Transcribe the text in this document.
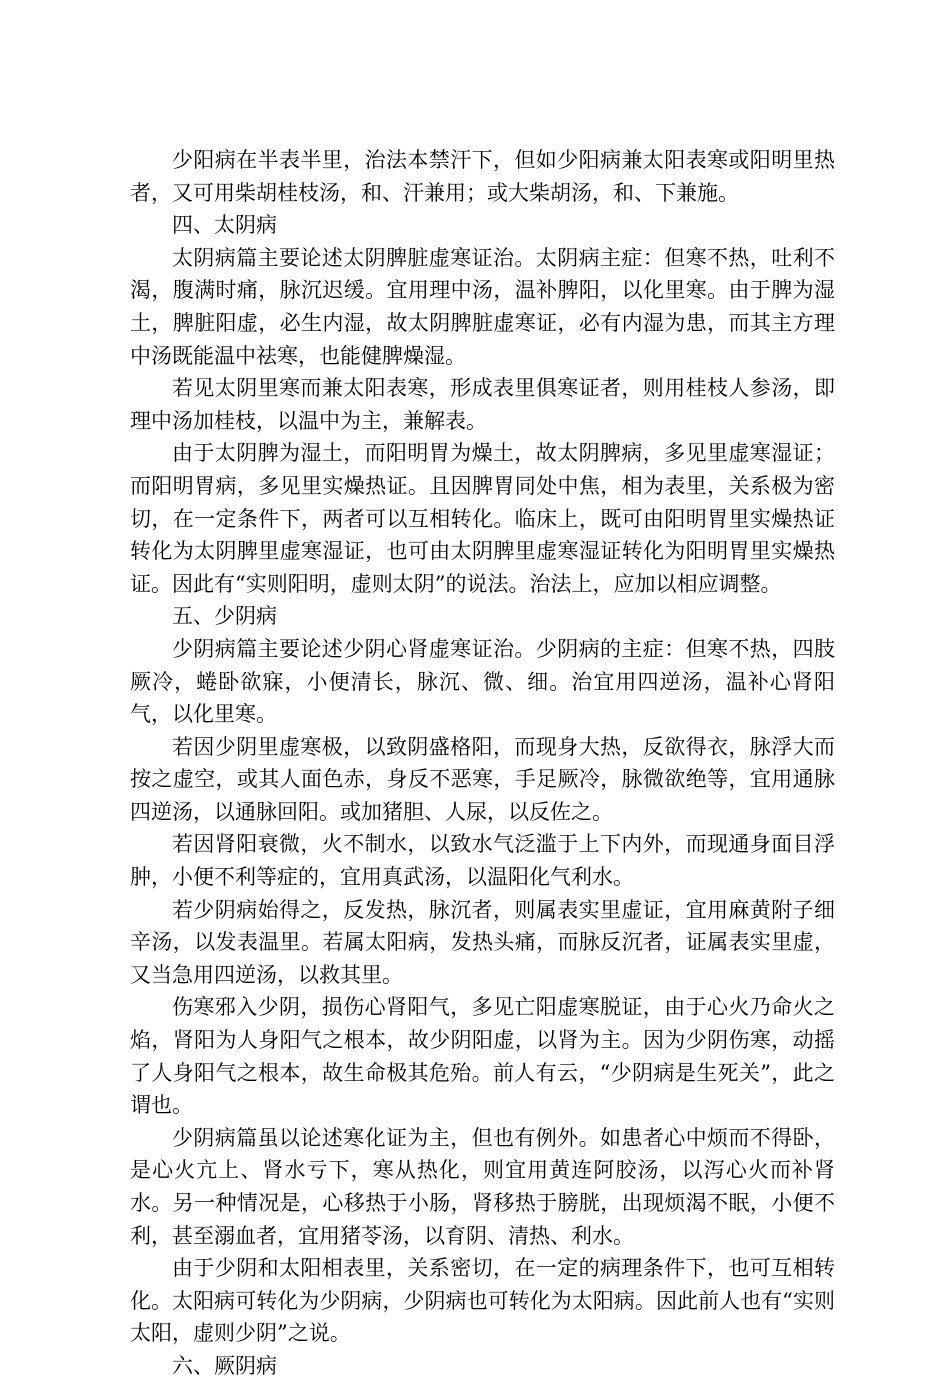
少阳病在半表半里，治法本禁汗下，但如少阳病兼太阳表寒或阳明里热者，又可用柴胡桂枝汤，和、汗兼用；或大柴胡汤，和、下兼施。

四、太阴病

太阴病篇主要论述太阴脾脏虚寒证治。太阴病主症：但寒不热，吐利不渴，腹满时痛，脉沉迟缓。宜用理中汤，温补脾阳，以化里寒。由于脾为湿土，脾脏阳虚，必生内湿，故太阴脾脏虚寒证，必有内湿为患，而其主方理中汤既能温中祛寒，也能健脾燥湿。

若见太阴里寒而兼太阳表寒，形成表里俱寒证者，则用桂枝人参汤，即理中汤加桂枝，以温中为主，兼解表。

由于太阴脾为湿土，而阳明胃为燥土，故太阴脾病，多见里虚寒湿证；而阳明胃病，多见里实燥热证。且因脾胃同处中焦，相为表里，关系极为密切，在一定条件下，两者可以互相转化。临床上，既可由阳明胃里实燥热证转化为太阴脾里虚寒湿证，也可由太阴脾里虚寒湿证转化为阳明胃里实燥热证。因此有“实则阳明，虚则太阴”的说法。治法上，应加以相应调整。

五、少阴病

少阴病篇主要论述少阴心肾虚寒证治。少阴病的主症：但寒不热，四肢厥冷，蜷卧欲寐，小便清长，脉沉、微、细。治宜用四逆汤，温补心肾阳气，以化里寒。

若因少阴里虚寒极，以致阴盛格阳，而现身大热，反欲得衣，脉浮大而按之虚空，或其人面色赤，身反不恶寒，手足厥冷，脉微欲绝等，宜用通脉四逆汤，以通脉回阳。或加猪胆、人尿，以反佐之。

若因肾阳衰微，火不制水，以致水气泛滥于上下内外，而现通身面目浮肿，小便不利等症的，宜用真武汤，以温阳化气利水。

若少阴病始得之，反发热，脉沉者，则属表实里虚证，宜用麻黄附子细辛汤，以发表温里。若属太阳病，发热头痛，而脉反沉者，证属表实里虚，又当急用四逆汤，以救其里。

伤寒邪入少阴，损伤心肾阳气，多见亡阳虚寒脱证，由于心火乃命火之焰，肾阳为人身阳气之根本，故少阴阳虚，以肾为主。因为少阴伤寒，动摇了人身阳气之根本，故生命极其危殆。前人有云，“少阴病是生死关”，此之谓也。

少阴病篇虽以论述寒化证为主，但也有例外。如患者心中烦而不得卧，是心火亢上、肾水亏下，寒从热化，则宜用黄连阿胶汤，以泻心火而补肾水。另一种情况是，心移热于小肠，肾移热于膀胱，出现烦渴不眠，小便不利，甚至溺血者，宜用猪苓汤，以育阴、清热、利水。

由于少阴和太阳相表里，关系密切，在一定的病理条件下，也可互相转化。太阳病可转化为少阴病，少阴病也可转化为太阳病。因此前人也有“实则太阳，虚则少阴”之说。

六、厥阴病
